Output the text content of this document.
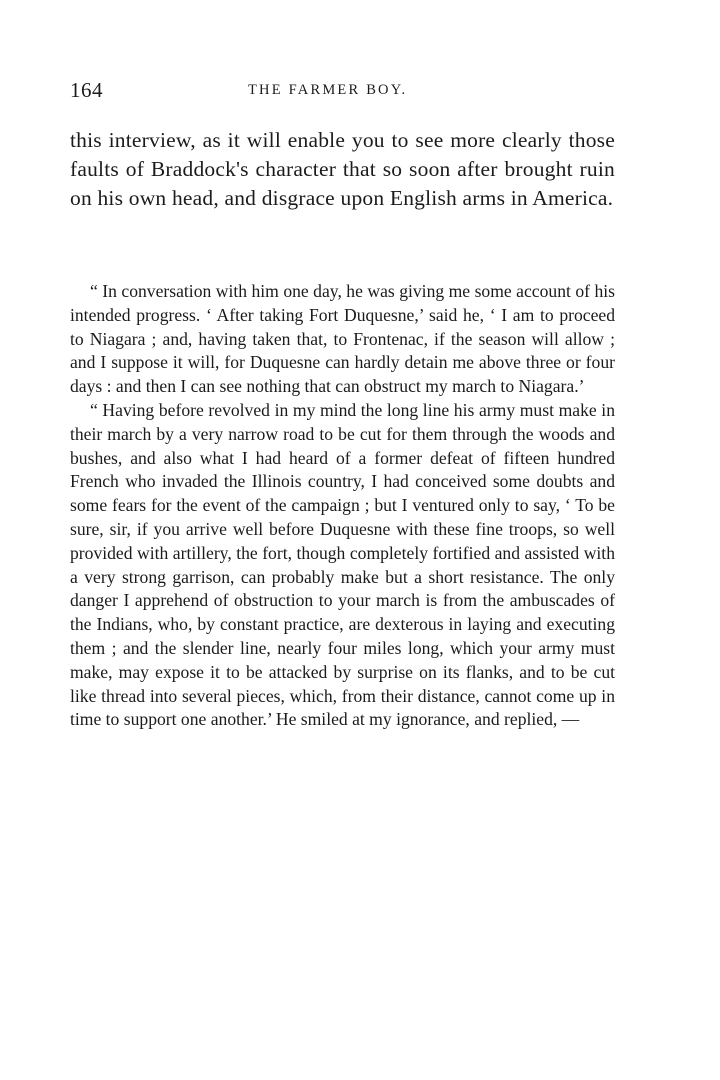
164	THE FARMER BOY.

this interview, as it will enable you to see more clearly those faults of Braddock's character that so soon after brought ruin on his own head, and disgrace upon English arms in America.

“ In conversation with him one day, he was giving me some account of his intended progress. ‘ After taking Fort Duquesne,’ said he, ‘ I am to proceed to Niagara ; and, having taken that, to Frontenac, if the season will allow ; and I suppose it will, for Duquesne can hardly detain me above three or four days : and then I can see nothing that can obstruct my march to Niagara.’

“ Having before revolved in my mind the long line his army must make in their march by a very narrow road to be cut for them through the woods and bushes, and also what I had heard of a former defeat of fifteen hundred French who invaded the Illinois country, I had conceived some doubts and some fears for the event of the campaign ; but I ventured only to say, ‘ To be sure, sir, if you arrive well before Duquesne with these fine troops, so well provided with artillery, the fort, though completely fortified and assisted with a very strong garrison, can probably make but a short resistance. The only danger I apprehend of obstruction to your march is from the ambuscades of the Indians, who, by constant practice, are dexterous in laying and executing them ; and the slender line, nearly four miles long, which your army must make, may expose it to be attacked by surprise on its flanks, and to be cut like thread into several pieces, which, from their distance, cannot come up in time to support one another.’ He smiled at my ignorance, and replied, —
